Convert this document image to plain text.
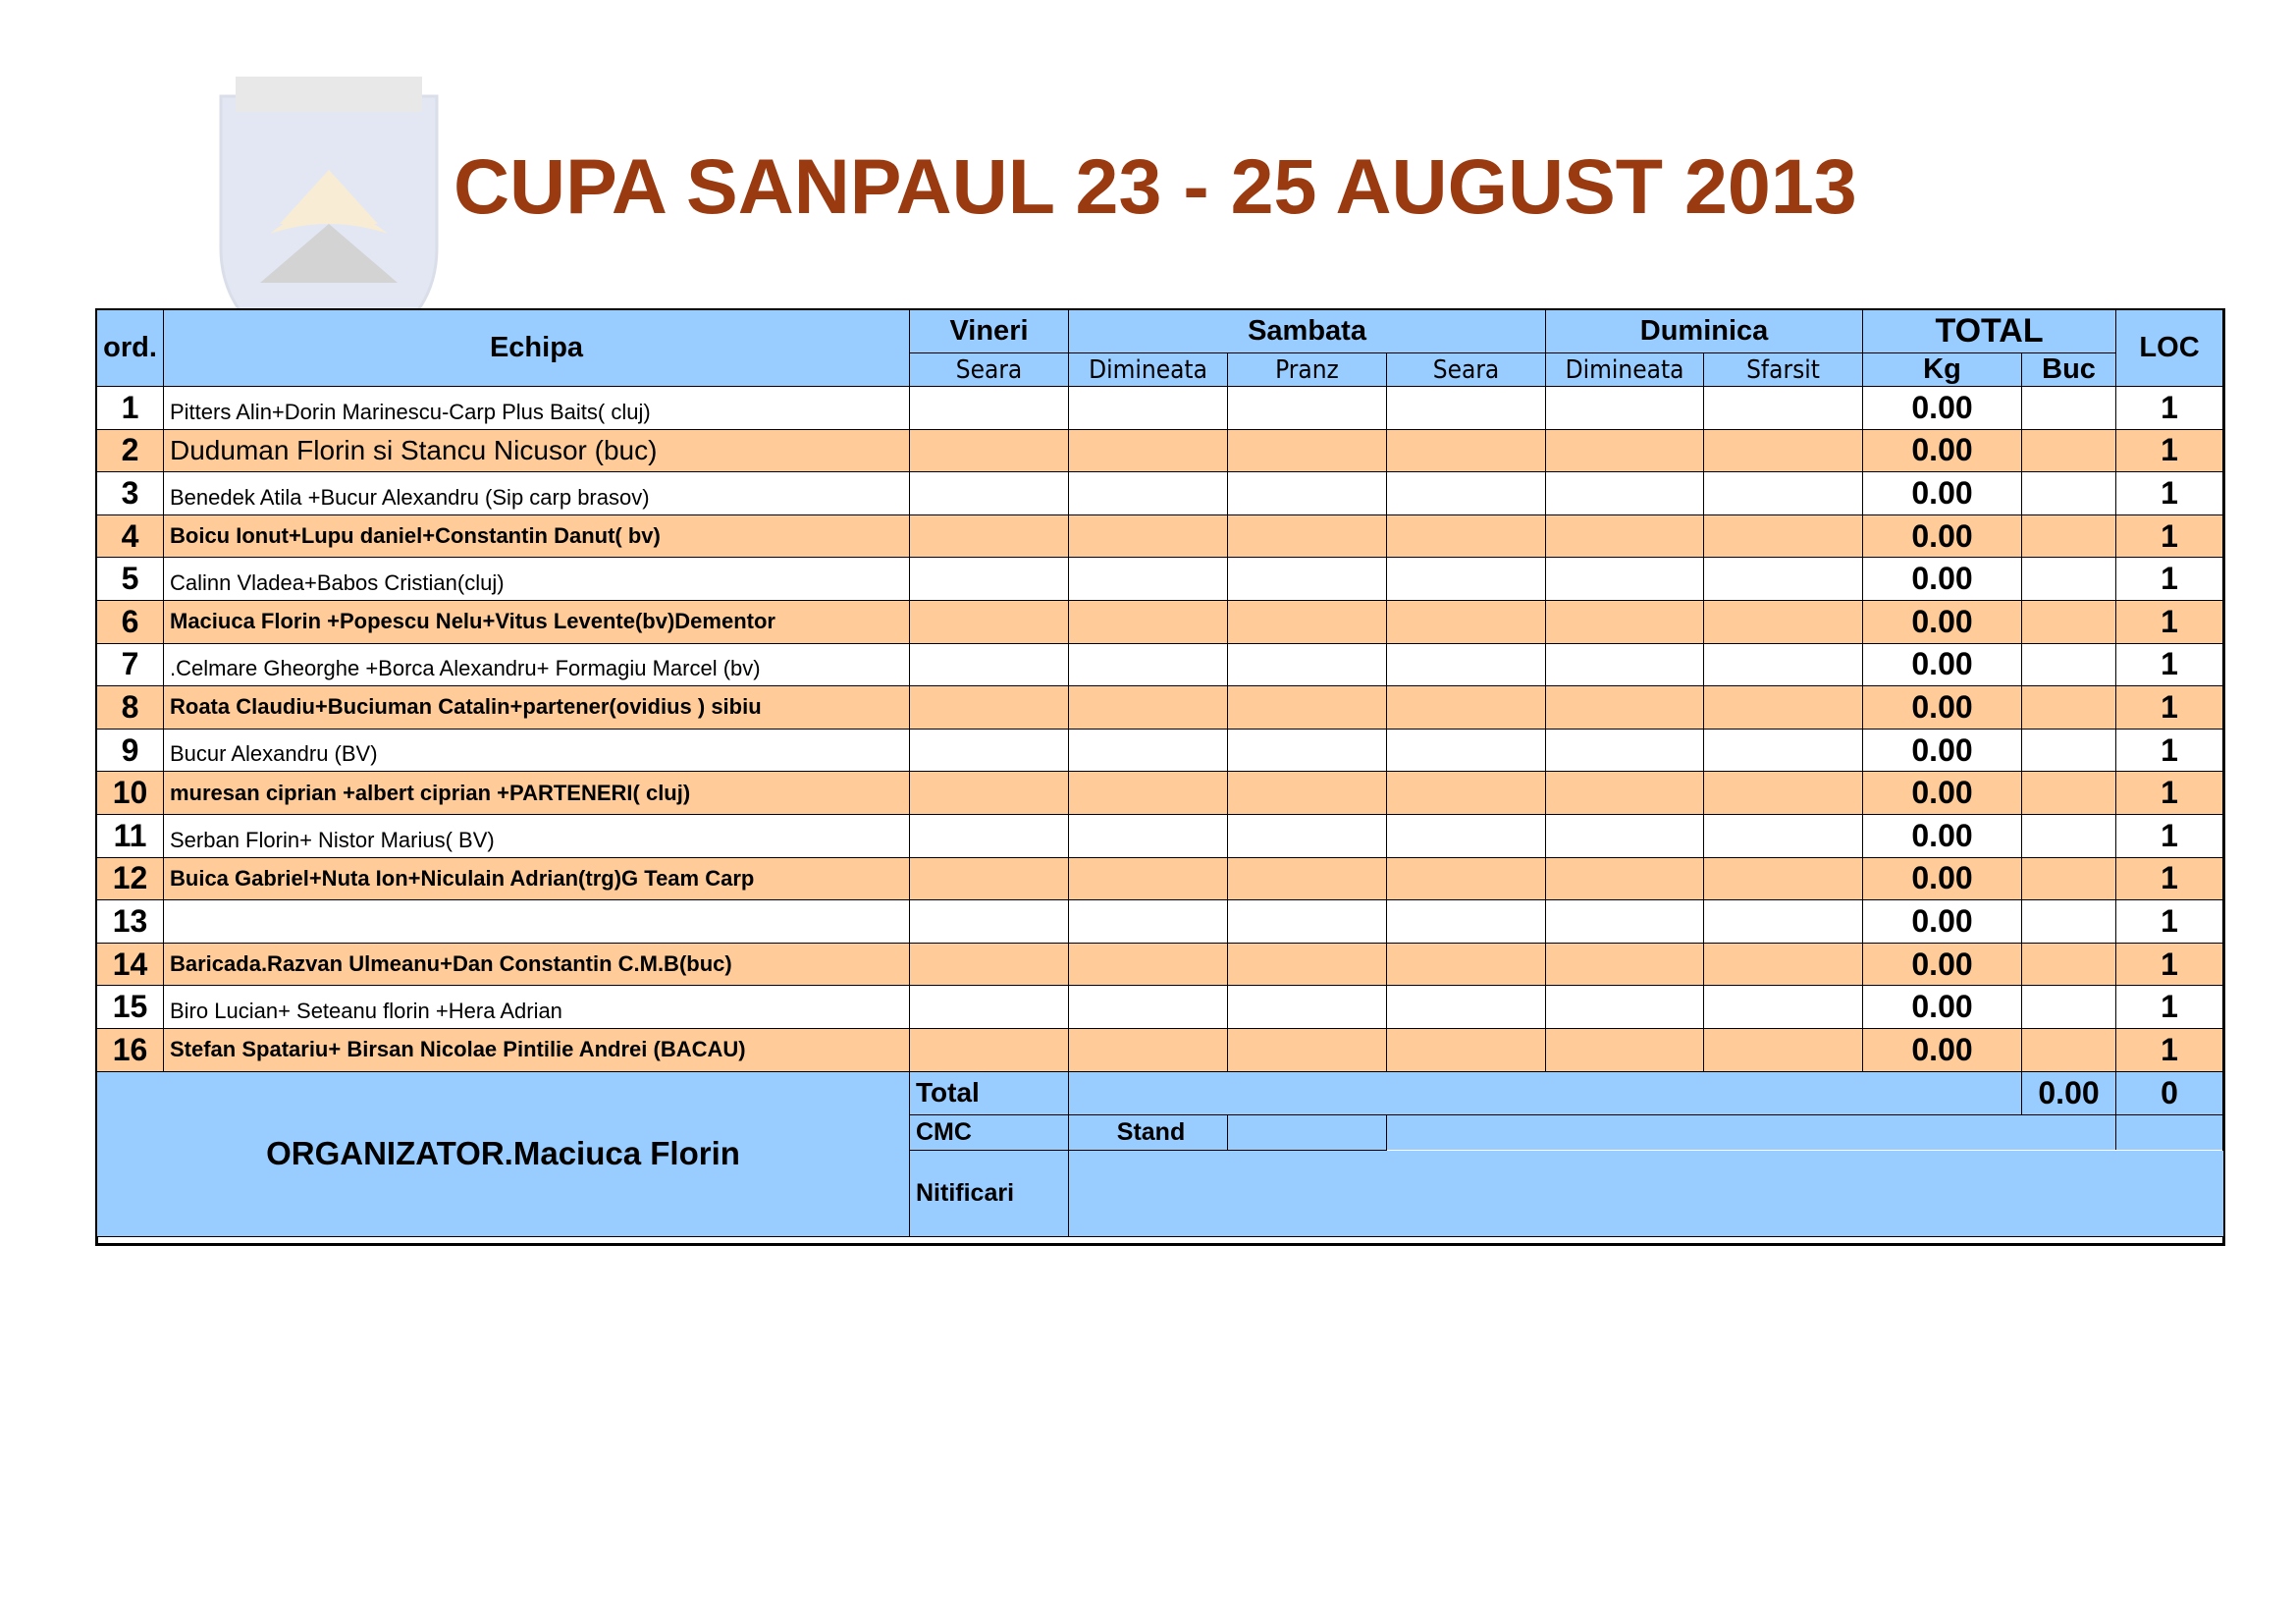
CUPA SANPAUL 23 - 25 AUGUST 2013
ord.	Echipa	Vineri	Sambata			Duminica		TOTAL		LOC	
		Seara	Dimineata	Pranz	Seara	Dimineata	Sfarsit	Kg	Buc		
1	Pitters Alin+Dorin Marinescu-Carp Plus Baits( cluj)							0.00		1	
2	Duduman Florin si Stancu Nicusor (buc)							0.00		1	
3	Benedek Atila +Bucur Alexandru (Sip carp brasov)							0.00		1	
4	Boicu Ionut+Lupu daniel+Constantin Danut( bv)							0.00		1	
5	Calinn Vladea+Babos Cristian(cluj)							0.00		1	
6	Maciuca Florin +Popescu Nelu+Vitus Levente(bv)Dementor							0.00		1	
7	.Celmare Gheorghe +Borca Alexandru+ Formagiu Marcel (bv)							0.00		1	
8	Roata Claudiu+Buciuman Catalin+partener(ovidius ) sibiu							0.00		1	
9	Bucur Alexandru (BV)							0.00		1	
10	muresan ciprian +albert ciprian +PARTENERI( cluj)							0.00		1	
11	Serban Florin+ Nistor Marius( BV)							0.00		1	
12	Buica Gabriel+Nuta Ion+Niculain Adrian(trg)G Team Carp							0.00		1	
13								0.00		1	
14	Baricada.Razvan Ulmeanu+Dan Constantin C.M.B(buc)							0.00		1	
15	Biro Lucian+ Seteanu florin +Hera Adrian							0.00		1	
16	Stefan Spatariu+ Birsan Nicolae Pintilie Andrei (BACAU)							0.00		1	
ORGANIZATOR.Maciuca Florin		Total							0.00	0	
		CMC	Stand								
		Nitificari									
